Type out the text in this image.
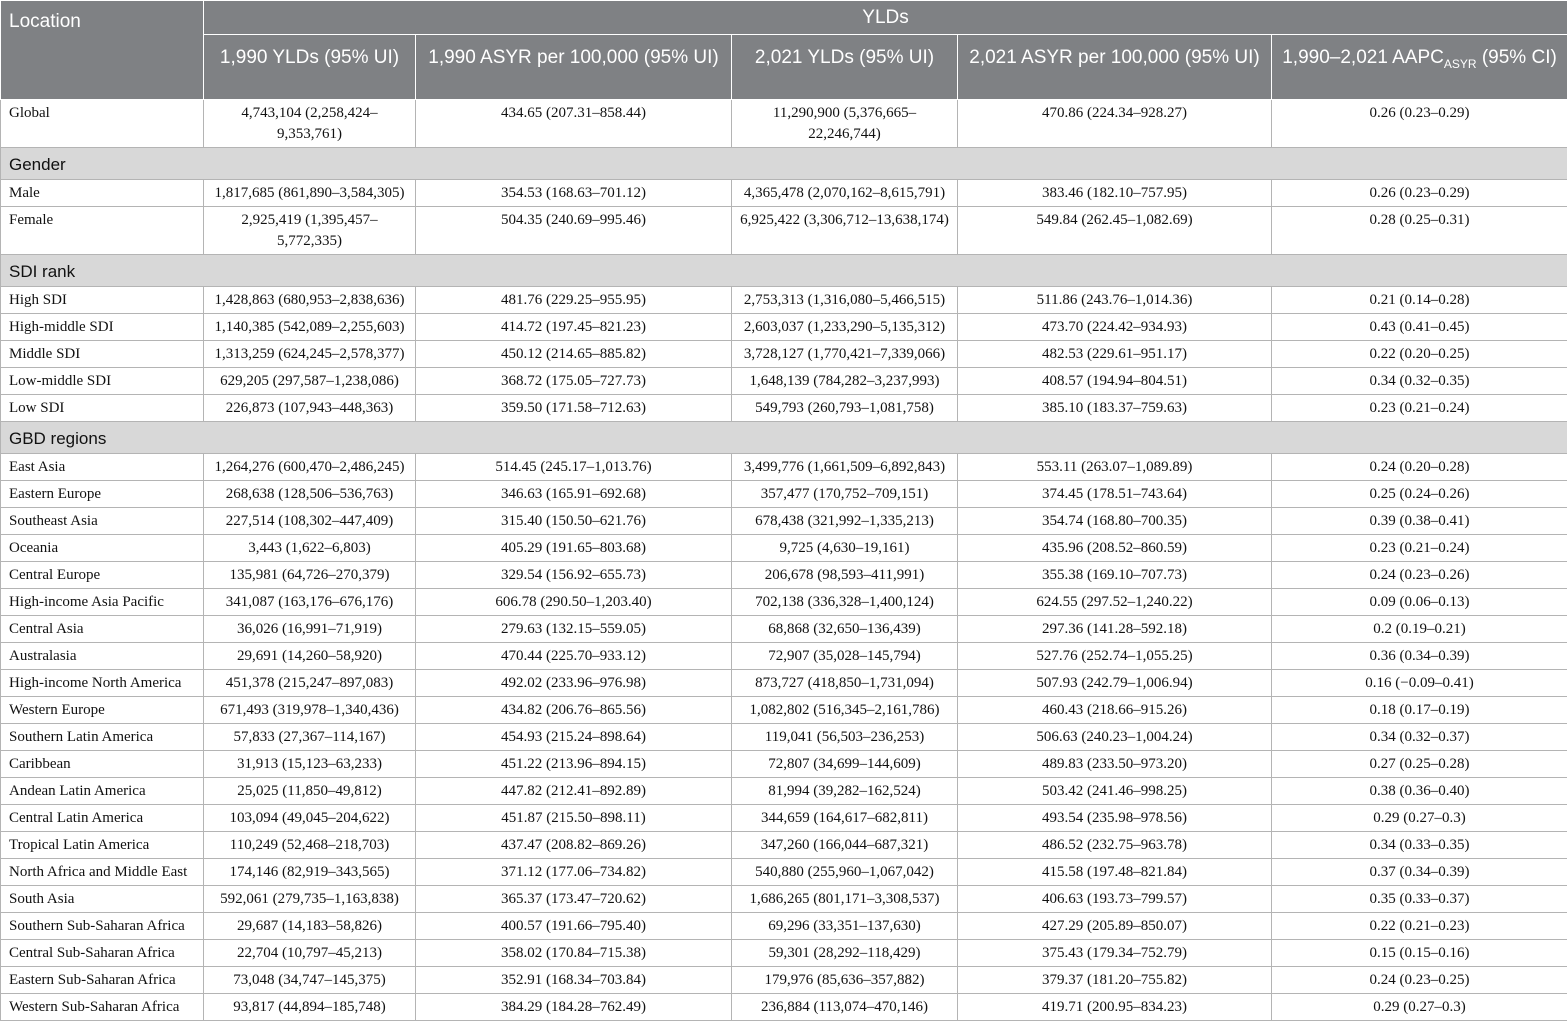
Location	YLDs				
	1,990 YLDs (95% UI)	1,990 ASYR per 100,000 (95% UI)	2,021 YLDs (95% UI)	2,021 ASYR per 100,000 (95% UI)	1,990–2,021 $AAPC_{ASYR}$ (95% CI)
Global	4,743,104 (2,258,424–9,353,761)	434.65 (207.31–858.44)	11,290,900 (5,376,665–22,246,744)	470.86 (224.34–928.27)	0.26 (0.23–0.29)
Gender					
Male	1,817,685 (861,890–3,584,305)	354.53 (168.63–701.12)	4,365,478 (2,070,162–8,615,791)	383.46 (182.10–757.95)	0.26 (0.23–0.29)
Female	2,925,419 (1,395,457–5,772,335)	504.35 (240.69–995.46)	6,925,422 (3,306,712–13,638,174)	549.84 (262.45–1,082.69)	0.28 (0.25–0.31)
SDI rank					
High SDI	1,428,863 (680,953–2,838,636)	481.76 (229.25–955.95)	2,753,313 (1,316,080–5,466,515)	511.86 (243.76–1,014.36)	0.21 (0.14–0.28)
High-middle SDI	1,140,385 (542,089–2,255,603)	414.72 (197.45–821.23)	2,603,037 (1,233,290–5,135,312)	473.70 (224.42–934.93)	0.43 (0.41–0.45)
Middle SDI	1,313,259 (624,245–2,578,377)	450.12 (214.65–885.82)	3,728,127 (1,770,421–7,339,066)	482.53 (229.61–951.17)	0.22 (0.20–0.25)
Low-middle SDI	629,205 (297,587–1,238,086)	368.72 (175.05–727.73)	1,648,139 (784,282–3,237,993)	408.57 (194.94–804.51)	0.34 (0.32–0.35)
Low SDI	226,873 (107,943–448,363)	359.50 (171.58–712.63)	549,793 (260,793–1,081,758)	385.10 (183.37–759.63)	0.23 (0.21–0.24)
GBD regions					
East Asia	1,264,276 (600,470–2,486,245)	514.45 (245.17–1,013.76)	3,499,776 (1,661,509–6,892,843)	553.11 (263.07–1,089.89)	0.24 (0.20–0.28)
Eastern Europe	268,638 (128,506–536,763)	346.63 (165.91–692.68)	357,477 (170,752–709,151)	374.45 (178.51–743.64)	0.25 (0.24–0.26)
Southeast Asia	227,514 (108,302–447,409)	315.40 (150.50–621.76)	678,438 (321,992–1,335,213)	354.74 (168.80–700.35)	0.39 (0.38–0.41)
Oceania	3,443 (1,622–6,803)	405.29 (191.65–803.68)	9,725 (4,630–19,161)	435.96 (208.52–860.59)	0.23 (0.21–0.24)
Central Europe	135,981 (64,726–270,379)	329.54 (156.92–655.73)	206,678 (98,593–411,991)	355.38 (169.10–707.73)	0.24 (0.23–0.26)
High-income Asia Pacific	341,087 (163,176–676,176)	606.78 (290.50–1,203.40)	702,138 (336,328–1,400,124)	624.55 (297.52–1,240.22)	0.09 (0.06–0.13)
Central Asia	36,026 (16,991–71,919)	279.63 (132.15–559.05)	68,868 (32,650–136,439)	297.36 (141.28–592.18)	0.2 (0.19–0.21)
Australasia	29,691 (14,260–58,920)	470.44 (225.70–933.12)	72,907 (35,028–145,794)	527.76 (252.74–1,055.25)	0.36 (0.34–0.39)
High-income North America	451,378 (215,247–897,083)	492.02 (233.96–976.98)	873,727 (418,850–1,731,094)	507.93 (242.79–1,006.94)	0.16 (−0.09–0.41)
Western Europe	671,493 (319,978–1,340,436)	434.82 (206.76–865.56)	1,082,802 (516,345–2,161,786)	460.43 (218.66–915.26)	0.18 (0.17–0.19)
Southern Latin America	57,833 (27,367–114,167)	454.93 (215.24–898.64)	119,041 (56,503–236,253)	506.63 (240.23–1,004.24)	0.34 (0.32–0.37)
Caribbean	31,913 (15,123–63,233)	451.22 (213.96–894.15)	72,807 (34,699–144,609)	489.83 (233.50–973.20)	0.27 (0.25–0.28)
Andean Latin America	25,025 (11,850–49,812)	447.82 (212.41–892.89)	81,994 (39,282–162,524)	503.42 (241.46–998.25)	0.38 (0.36–0.40)
Central Latin America	103,094 (49,045–204,622)	451.87 (215.50–898.11)	344,659 (164,617–682,811)	493.54 (235.98–978.56)	0.29 (0.27–0.3)
Tropical Latin America	110,249 (52,468–218,703)	437.47 (208.82–869.26)	347,260 (166,044–687,321)	486.52 (232.75–963.78)	0.34 (0.33–0.35)
North Africa and Middle East	174,146 (82,919–343,565)	371.12 (177.06–734.82)	540,880 (255,960–1,067,042)	415.58 (197.48–821.84)	0.37 (0.34–0.39)
South Asia	592,061 (279,735–1,163,838)	365.37 (173.47–720.62)	1,686,265 (801,171–3,308,537)	406.63 (193.73–799.57)	0.35 (0.33–0.37)
Southern Sub-Saharan Africa	29,687 (14,183–58,826)	400.57 (191.66–795.40)	69,296 (33,351–137,630)	427.29 (205.89–850.07)	0.22 (0.21–0.23)
Central Sub-Saharan Africa	22,704 (10,797–45,213)	358.02 (170.84–715.38)	59,301 (28,292–118,429)	375.43 (179.34–752.79)	0.15 (0.15–0.16)
Eastern Sub-Saharan Africa	73,048 (34,747–145,375)	352.91 (168.34–703.84)	179,976 (85,636–357,882)	379.37 (181.20–755.82)	0.24 (0.23–0.25)
Western Sub-Saharan Africa	93,817 (44,894–185,748)	384.29 (184.28–762.49)	236,884 (113,074–470,146)	419.71 (200.95–834.23)	0.29 (0.27–0.3)
